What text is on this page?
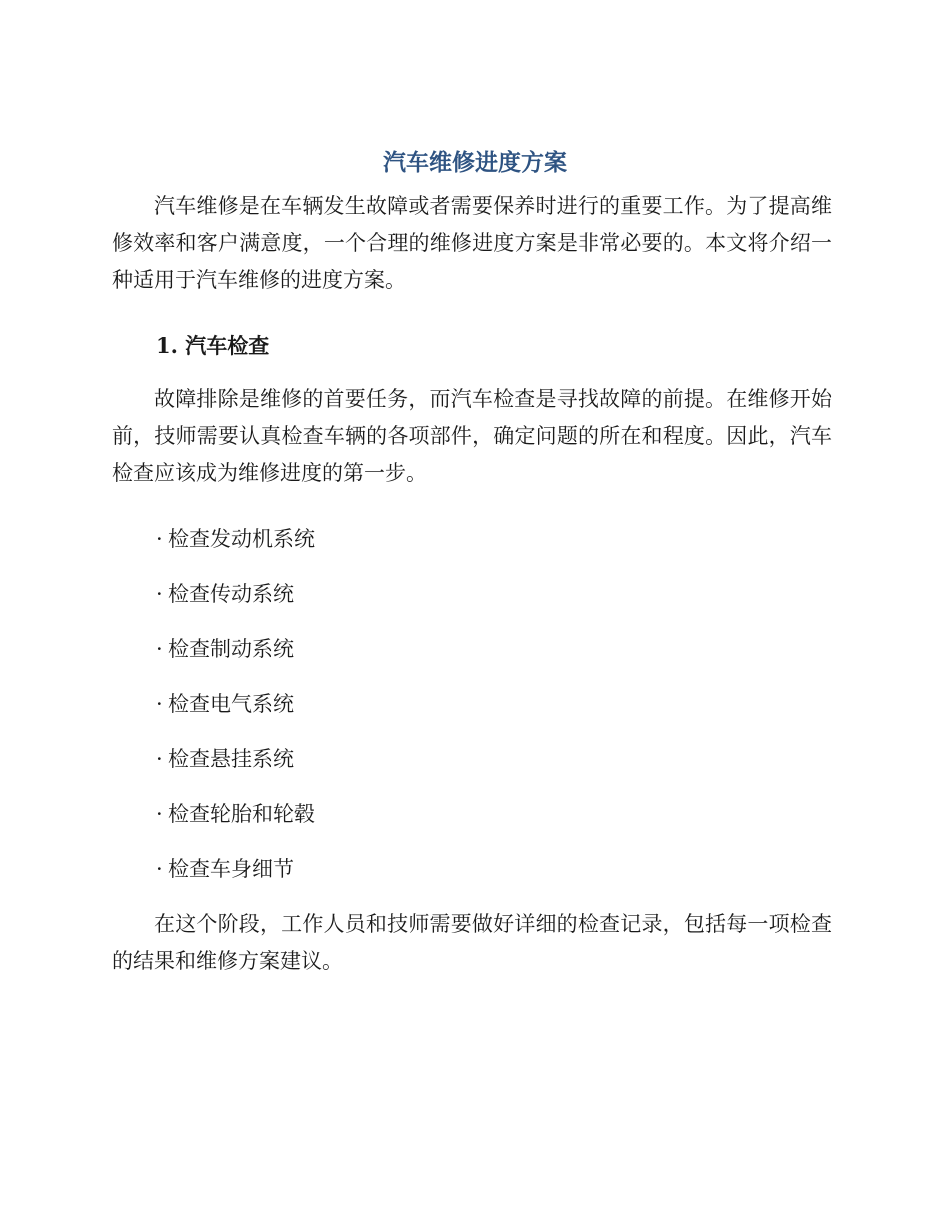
汽车维修进度方案

汽车维修是在车辆发生故障或者需要保养时进行的重要工作。为了提高维修效率和客户满意度，一个合理的维修进度方案是非常必要的。本文将介绍一种适用于汽车维修的进度方案。

1. 汽车检查

故障排除是维修的首要任务，而汽车检查是寻找故障的前提。在维修开始前，技师需要认真检查车辆的各项部件，确定问题的所在和程度。因此，汽车检查应该成为维修进度的第一步。

· 检查发动机系统
· 检查传动系统
· 检查制动系统
· 检查电气系统
· 检查悬挂系统
· 检查轮胎和轮毂
· 检查车身细节

在这个阶段，工作人员和技师需要做好详细的检查记录，包括每一项检查的结果和维修方案建议。
